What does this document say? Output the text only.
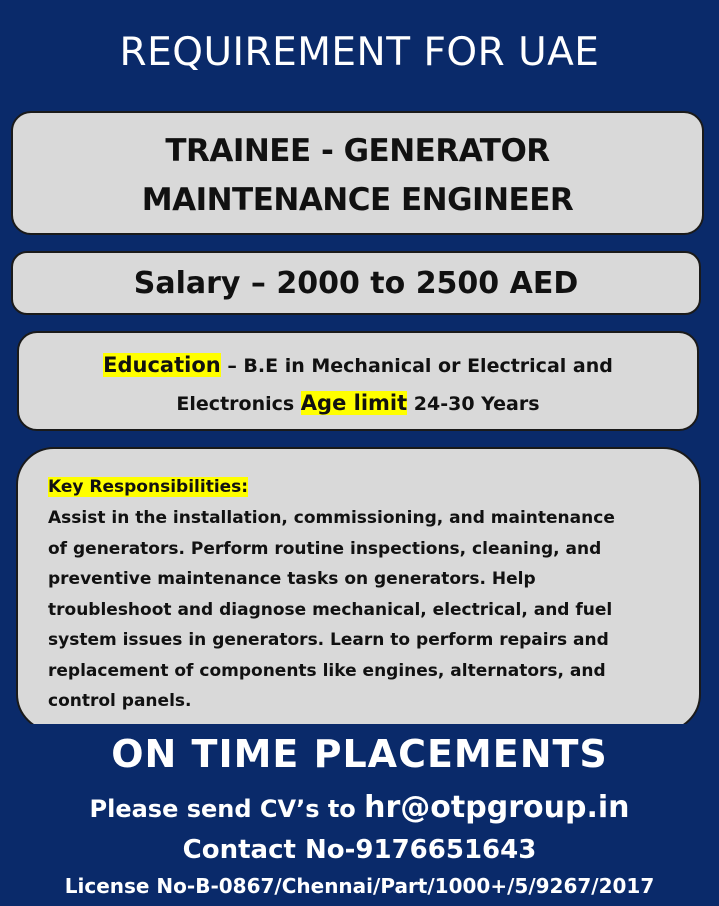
REQUIREMENT FOR UAE
TRAINEE - GENERATOR
MAINTENANCE ENGINEER
Salary – 2000 to 2500 AED
Education – B.E in Mechanical or Electrical and
Electronics Age limit 24-30 Years
Key Responsibilities:
Assist in the installation, commissioning, and maintenance
of generators. Perform routine inspections, cleaning, and
preventive maintenance tasks on generators. Help
troubleshoot and diagnose mechanical, electrical, and fuel
system issues in generators. Learn to perform repairs and
replacement of components like engines, alternators, and
control panels.
ON TIME PLACEMENTS
Please send CV’s to hr@otpgroup.in
Contact No-9176651643
License No-B-0867/Chennai/Part/1000+/5/9267/2017
